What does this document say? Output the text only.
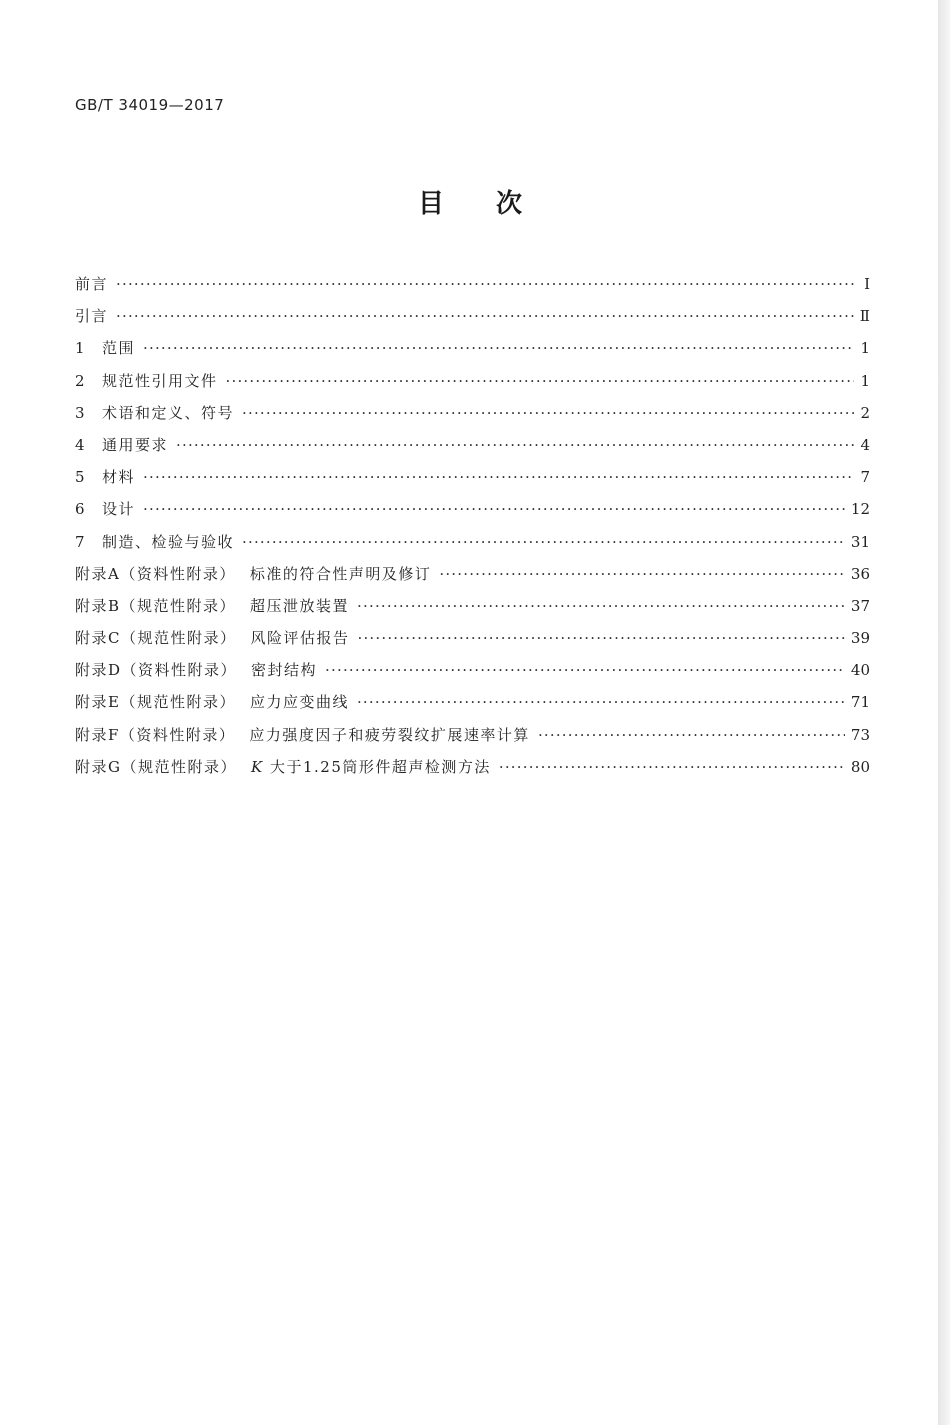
GB/T 34019—2017
目次
前言 ·····	Ⅰ
引言 ·····	Ⅱ
1	范围 ·····	1
2	规范性引用文件 ·····	1
3	术语和定义、符号 ·····	2
4	通用要求 ·····	4
5	材料 ·····	7
6	设计 ·····	12
7	制造、检验与验收 ·····	31
附录A（资料性附录） 标准的符合性声明及修订 ·····	36
附录B（规范性附录） 超压泄放装置 ·····	37
附录C（规范性附录） 风险评估报告 ·····	39
附录D（资料性附录） 密封结构 ·····	40
附录E（规范性附录） 应力应变曲线 ·····	71
附录F（资料性附录） 应力强度因子和疲劳裂纹扩展速率计算 ·····	73
附录G（规范性附录） K 大于1.25筒形件超声检测方法 ·····	80
